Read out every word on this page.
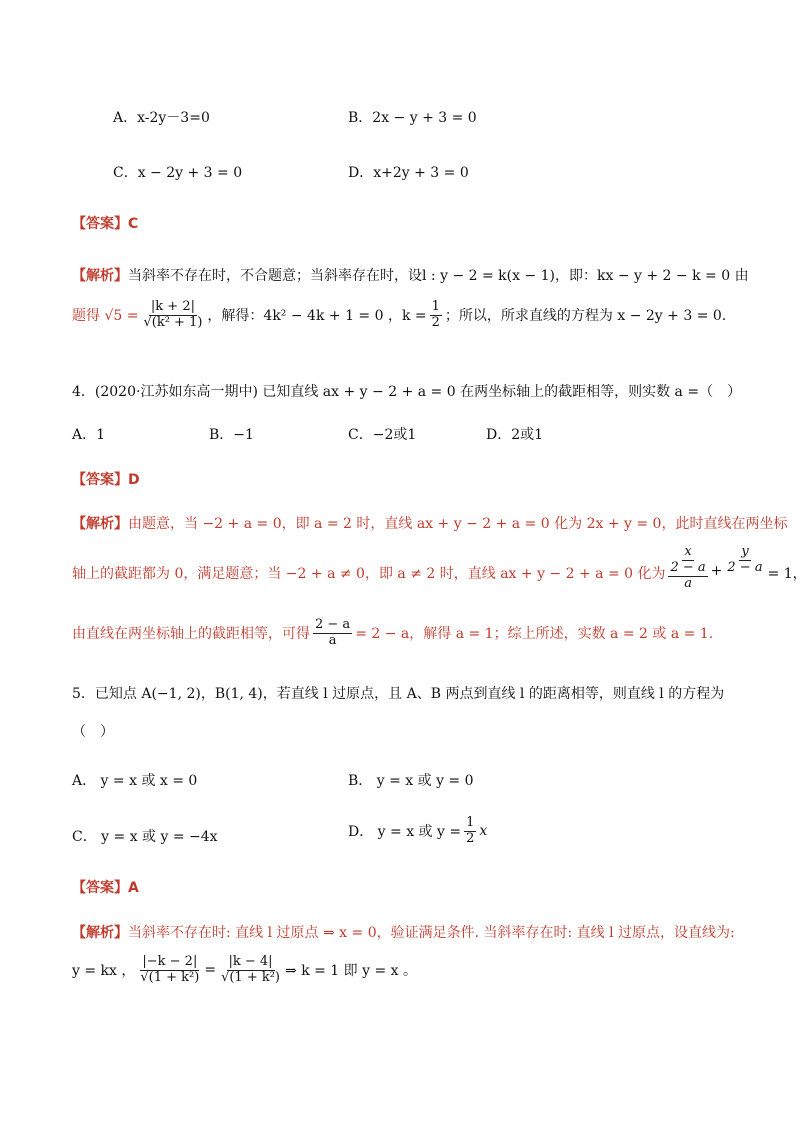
A．x-2y－3=0	B．2x − y + 3 = 0
C．x − 2y + 3 = 0	D．x+2y + 3 = 0
【答案】C
【解析】当斜率不存在时，不合题意；当斜率存在时，设l : y − 2 = k(x − 1)，即：kx − y + 2 − k = 0 由
题得 $√5 = \frac{|k + 2|}{\text{√(k² + 1)}}$ ，解得：4k² − 4k + 1 = 0 ，$k = \frac{1}{2}$ ；所以，所求直线的方程为 x − 2y + 3 = 0.
4．(2020·江苏如东高一期中) 已知直线 ax + y − 2 + a = 0 在两坐标轴上的截距相等，则实数 a =（　）
A．1	B．−1	C．−2或1	D．2或1
【答案】D
【解析】由题意，当 −2 + a = 0，即 a = 2 时，直线 ax + y − 2 + a = 0 化为 2x + y = 0，此时直线在两坐标
轴上的截距都为 0，满足题意；当 −2 + a ≠ 0，即 a ≠ 2 时，直线 ax + y − 2 + a = 0 化为
x
2 − a
a
+ $\frac{y}{2 - a} = 1$，
由直线在两坐标轴上的截距相等，可得 $\frac{2 - a}{a} = 2 - a$，解得 a = 1；综上所述，实数 a = 2 或 a = 1.
5．已知点 A(−1, 2)，B(1, 4)，若直线 l 过原点，且 A、B 两点到直线 l 的距离相等，则直线 l 的方程为
（　）
A． y = x 或 x = 0	B． y = x 或 y = 0
C． y = x 或 y = −4x	D． y = x 或 $y = \frac{1}{2}$ x
【答案】A
【解析】当斜率不存在时: 直线 l 过原点 ⇒ x = 0，验证满足条件. 当斜率存在时: 直线 l 过原点，设直线为:
y = kx ， $\frac{|-k - 2|}{\text{√(1 + k²)}} = \frac{|k - 4|}{\text{√(1 + k²)}}$ ⇒ k = 1 即 y = x 。
